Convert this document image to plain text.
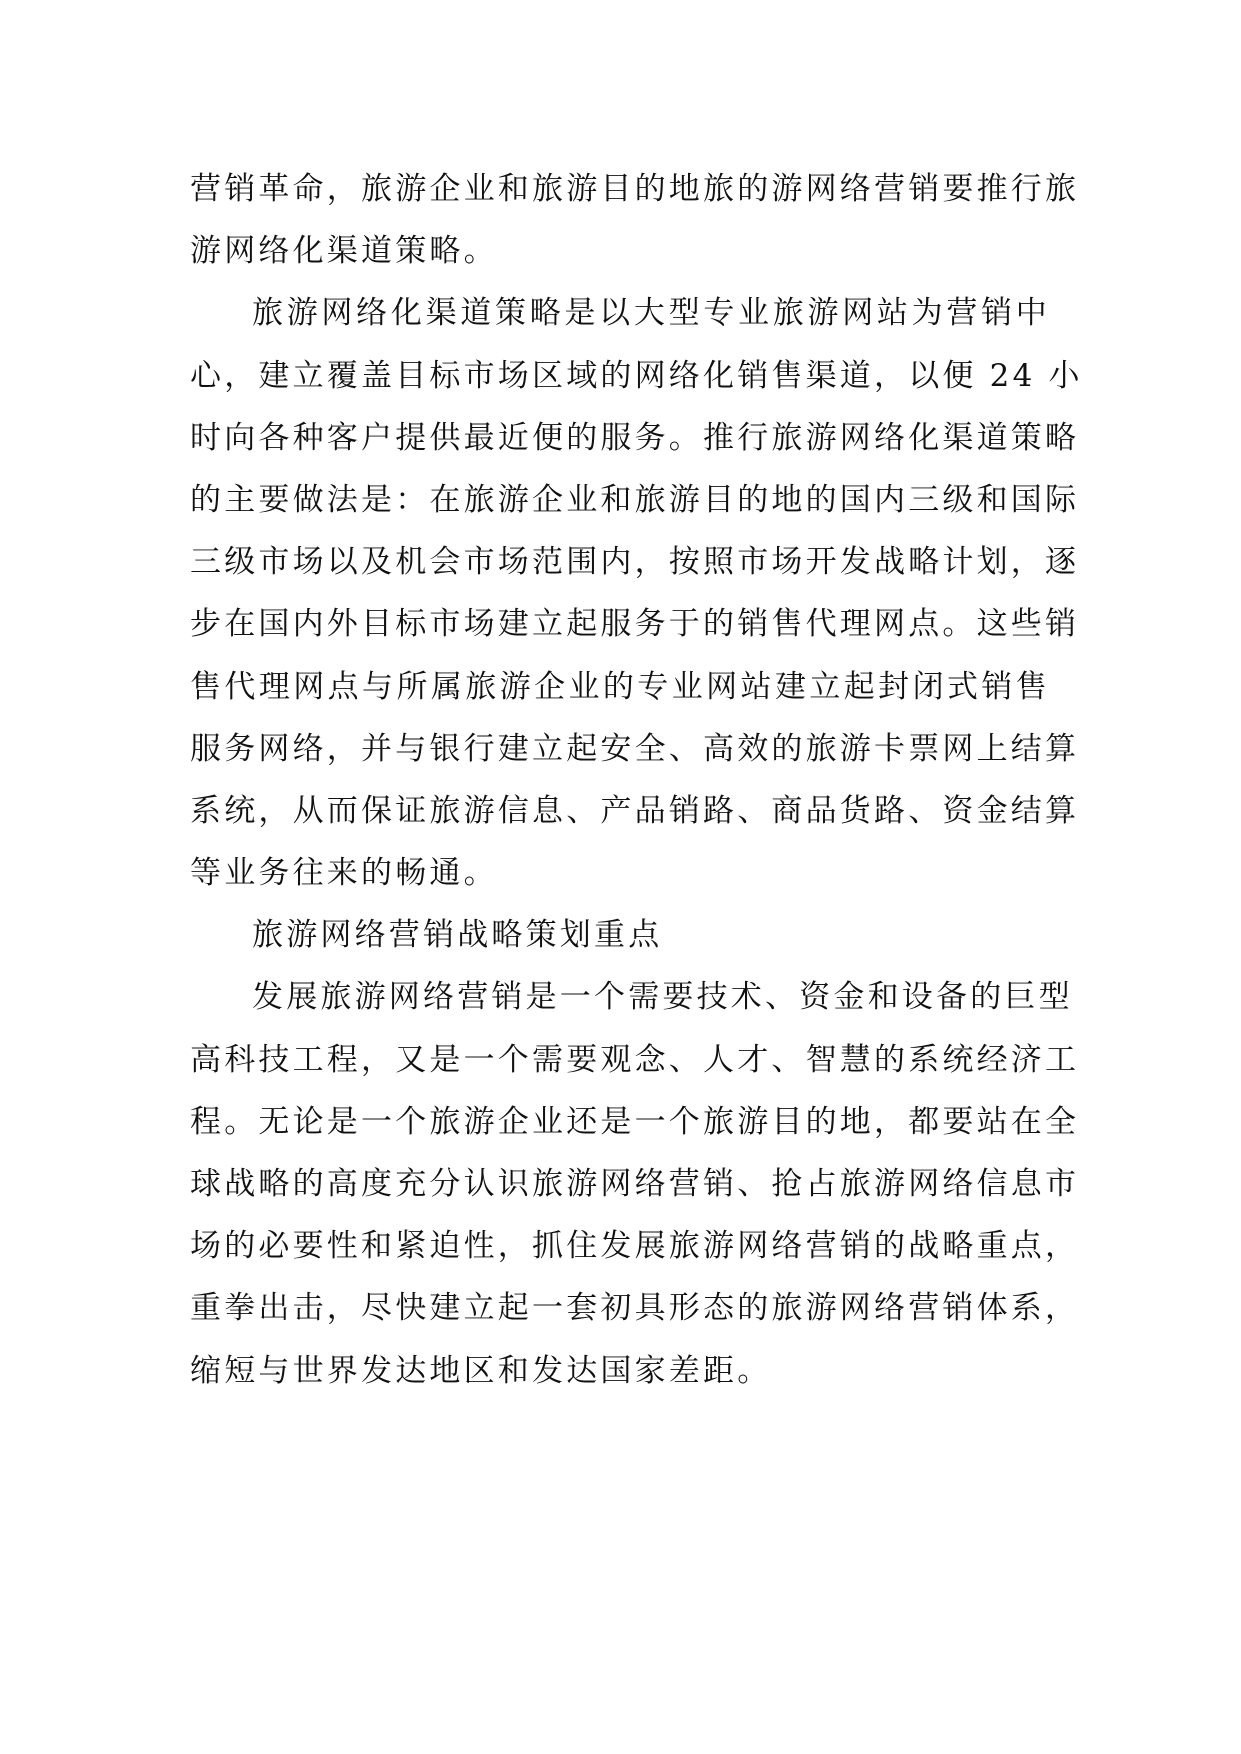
营销革命，旅游企业和旅游目的地旅的游网络营销要推行旅
游网络化渠道策略。
旅游网络化渠道策略是以大型专业旅游网站为营销中
心，建立覆盖目标市场区域的网络化销售渠道，以便 24 小
时向各种客户提供最近便的服务。推行旅游网络化渠道策略
的主要做法是：在旅游企业和旅游目的地的国内三级和国际
三级市场以及机会市场范围内，按照市场开发战略计划，逐
步在国内外目标市场建立起服务于的销售代理网点。这些销
售代理网点与所属旅游企业的专业网站建立起封闭式销售
服务网络，并与银行建立起安全、高效的旅游卡票网上结算
系统，从而保证旅游信息、产品销路、商品货路、资金结算
等业务往来的畅通。
旅游网络营销战略策划重点
发展旅游网络营销是一个需要技术、资金和设备的巨型
高科技工程，又是一个需要观念、人才、智慧的系统经济工
程。无论是一个旅游企业还是一个旅游目的地，都要站在全
球战略的高度充分认识旅游网络营销、抢占旅游网络信息市
场的必要性和紧迫性，抓住发展旅游网络营销的战略重点，
重拳出击，尽快建立起一套初具形态的旅游网络营销体系，
缩短与世界发达地区和发达国家差距。
